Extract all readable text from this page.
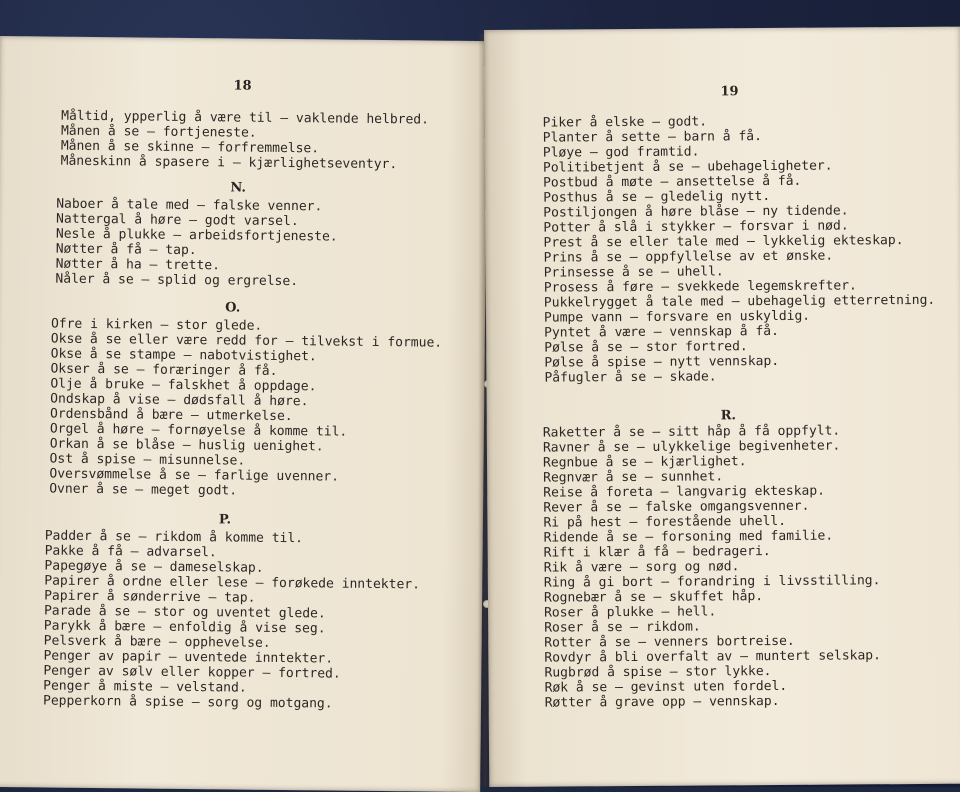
18
Måltid, ypperlig å være til — vaklende helbred.
Månen å se — fortjeneste.
Månen å se skinne — forfremmelse.
Måneskinn å spasere i — kjærlighetseventyr.
N.
Naboer å tale med — falske venner.
Nattergal å høre — godt varsel.
Nesle å plukke — arbeidsfortjeneste.
Nøtter å få — tap.
Nøtter å ha — trette.
Nåler å se — splid og ergrelse.
O.
Ofre i kirken — stor glede.
Okse å se eller være redd for — tilvekst i formue.
Okse å se stampe — nabotvistighet.
Okser å se — foræringer å få.
Olje å bruke — falskhet å oppdage.
Ondskap å vise — dødsfall å høre.
Ordensbånd å bære — utmerkelse.
Orgel å høre — fornøyelse å komme til.
Orkan å se blåse — huslig uenighet.
Ost å spise — misunnelse.
Oversvømmelse å se — farlige uvenner.
Ovner å se — meget godt.
P.
Padder å se — rikdom å komme til.
Pakke å få — advarsel.
Papegøye å se — dameselskap.
Papirer å ordne eller lese — forøkede inntekter.
Papirer å sønderrive — tap.
Parade å se — stor og uventet glede.
Parykk å bære — enfoldig å vise seg.
Pelsverk å bære — opphevelse.
Penger av papir — uventede inntekter.
Penger av sølv eller kopper — fortred.
Penger å miste — velstand.
Pepperkorn å spise — sorg og motgang.
19
Piker å elske — godt.
Planter å sette — barn å få.
Pløye — god framtid.
Politibetjent å se — ubehageligheter.
Postbud å møte — ansettelse å få.
Posthus å se — gledelig nytt.
Postiljongen å høre blåse — ny tidende.
Potter å slå i stykker — forsvar i nød.
Prest å se eller tale med — lykkelig ekteskap.
Prins å se — oppfyllelse av et ønske.
Prinsesse å se — uhell.
Prosess å føre — svekkede legemskrefter.
Pukkelrygget å tale med — ubehagelig etterretning.
Pumpe vann — forsvare en uskyldig.
Pyntet å være — vennskap å få.
Pølse å se — stor fortred.
Pølse å spise — nytt vennskap.
Påfugler å se — skade.
R.
Raketter å se — sitt håp å få oppfylt.
Ravner å se — ulykkelige begivenheter.
Regnbue å se — kjærlighet.
Regnvær å se — sunnhet.
Reise å foreta — langvarig ekteskap.
Rever å se — falske omgangsvenner.
Ri på hest — forestående uhell.
Ridende å se — forsoning med familie.
Rift i klær å få — bedrageri.
Rik å være — sorg og nød.
Ring å gi bort — forandring i livsstilling.
Rognebær å se — skuffet håp.
Roser å plukke — hell.
Roser å se — rikdom.
Rotter å se — venners bortreise.
Rovdyr å bli overfalt av — muntert selskap.
Rugbrød å spise — stor lykke.
Røk å se — gevinst uten fordel.
Røtter å grave opp — vennskap.
